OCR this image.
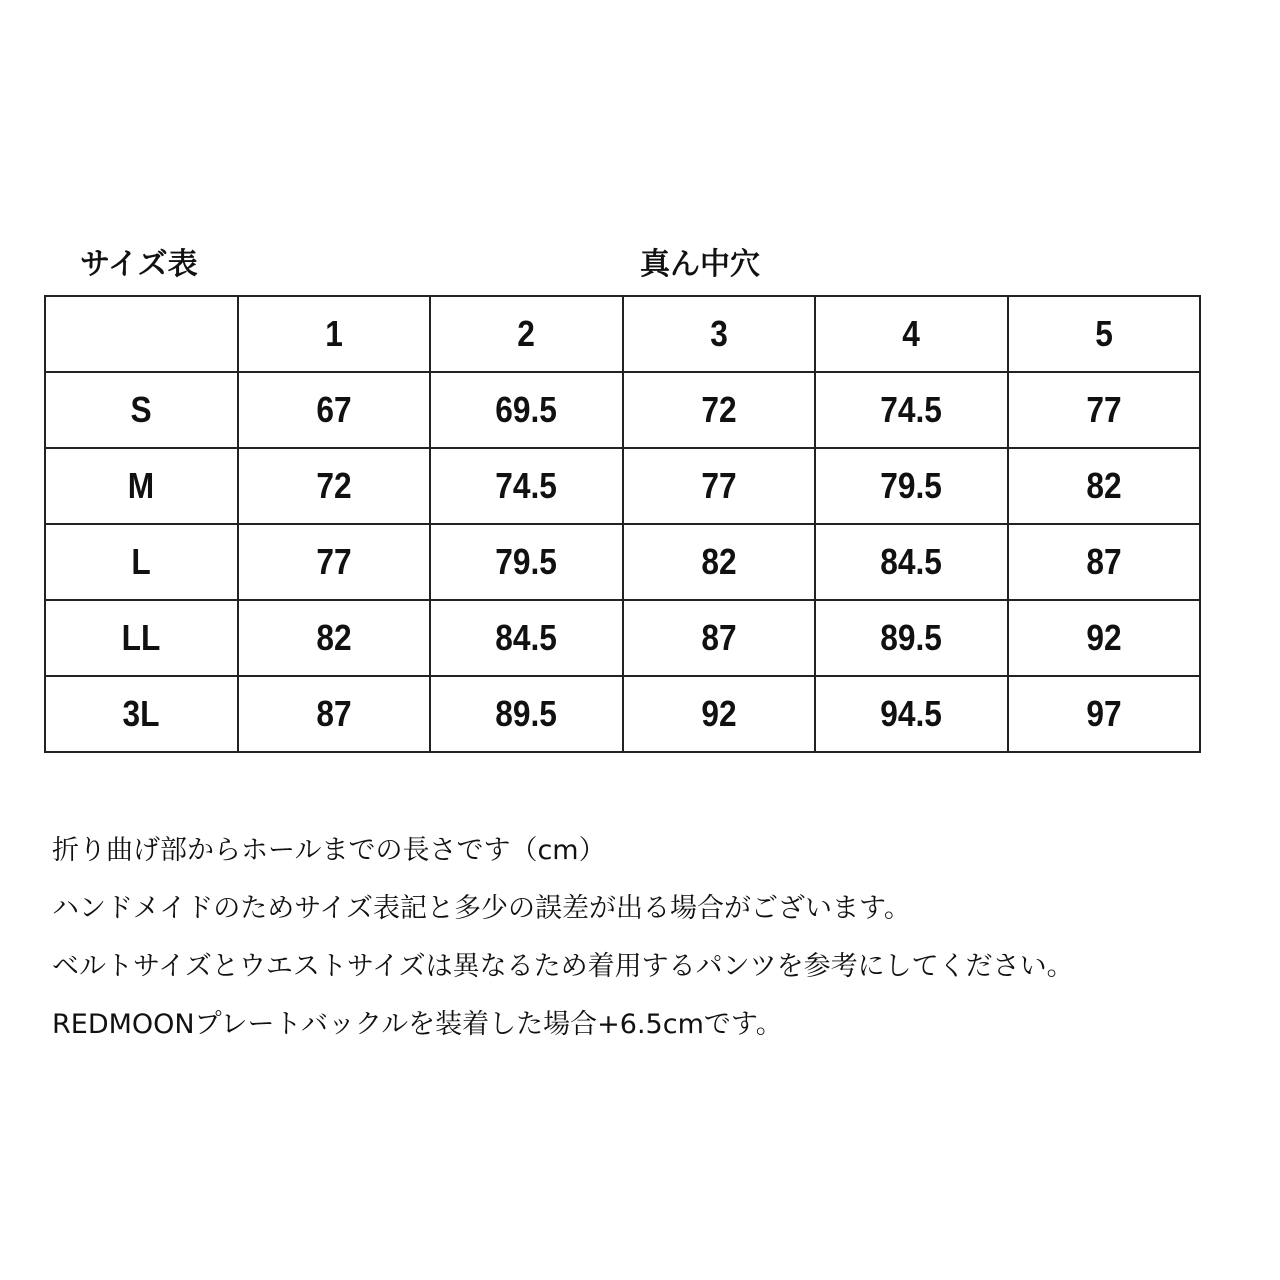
サイズ表	真ん中穴
	1	2	3	4	5
S	67	69.5	72	74.5	77
M	72	74.5	77	79.5	82
L	77	79.5	82	84.5	87
LL	82	84.5	87	89.5	92
3L	87	89.5	92	94.5	97
折り曲げ部からホールまでの長さです（cm）
ハンドメイドのためサイズ表記と多少の誤差が出る場合がございます。
ベルトサイズとウエストサイズは異なるため着用するパンツを参考にしてください。
REDMOONプレートバックルを装着した場合+6.5cmです。
